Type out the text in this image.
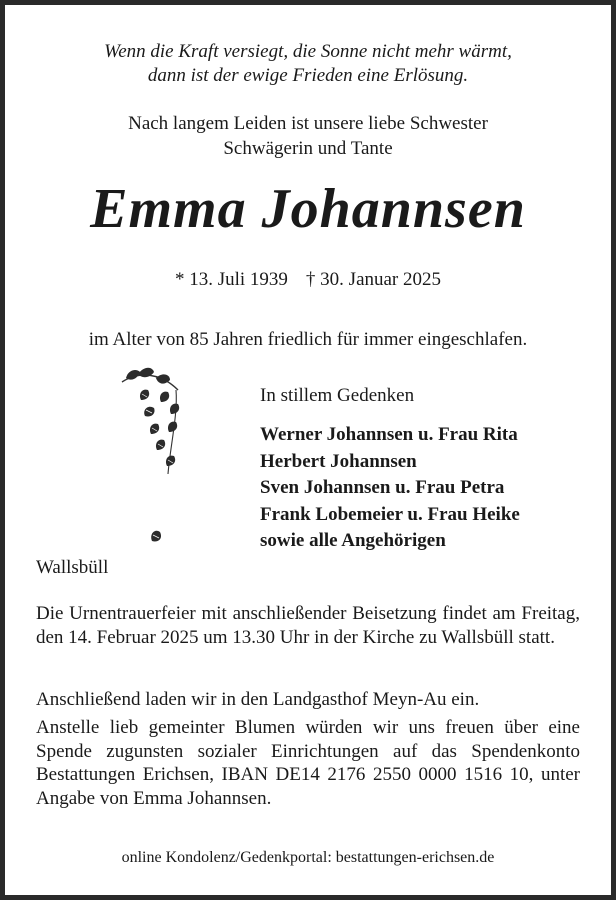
Wenn die Kraft versiegt, die Sonne nicht mehr wärmt,
dann ist der ewige Frieden eine Erlösung.
Nach langem Leiden ist unsere liebe Schwester
Schwägerin und Tante
Emma Johannsen
* 13. Juli 1939 † 30. Januar 2025
im Alter von 85 Jahren friedlich für immer eingeschlafen.
In stillem Gedenken
Werner Johannsen u. Frau Rita
Herbert Johannsen
Sven Johannsen u. Frau Petra
Frank Lobemeier u. Frau Heike
sowie alle Angehörigen
Wallsbüll

Die Urnentrauerfeier mit anschließender Beisetzung findet am Freitag, den 14. Februar 2025 um 13.30 Uhr in der Kirche zu Wallsbüll statt.

Anschließend laden wir in den Landgasthof Meyn-Au ein.

Anstelle lieb gemeinter Blumen würden wir uns freuen über eine Spende zugunsten sozialer Einrichtungen auf das Spendenkonto Bestattungen Erichsen, IBAN DE14 2176 2550 0000 1516 10, unter Angabe von Emma Johannsen.

online Kondolenz/Gedenkportal: bestattungen-erichsen.de
